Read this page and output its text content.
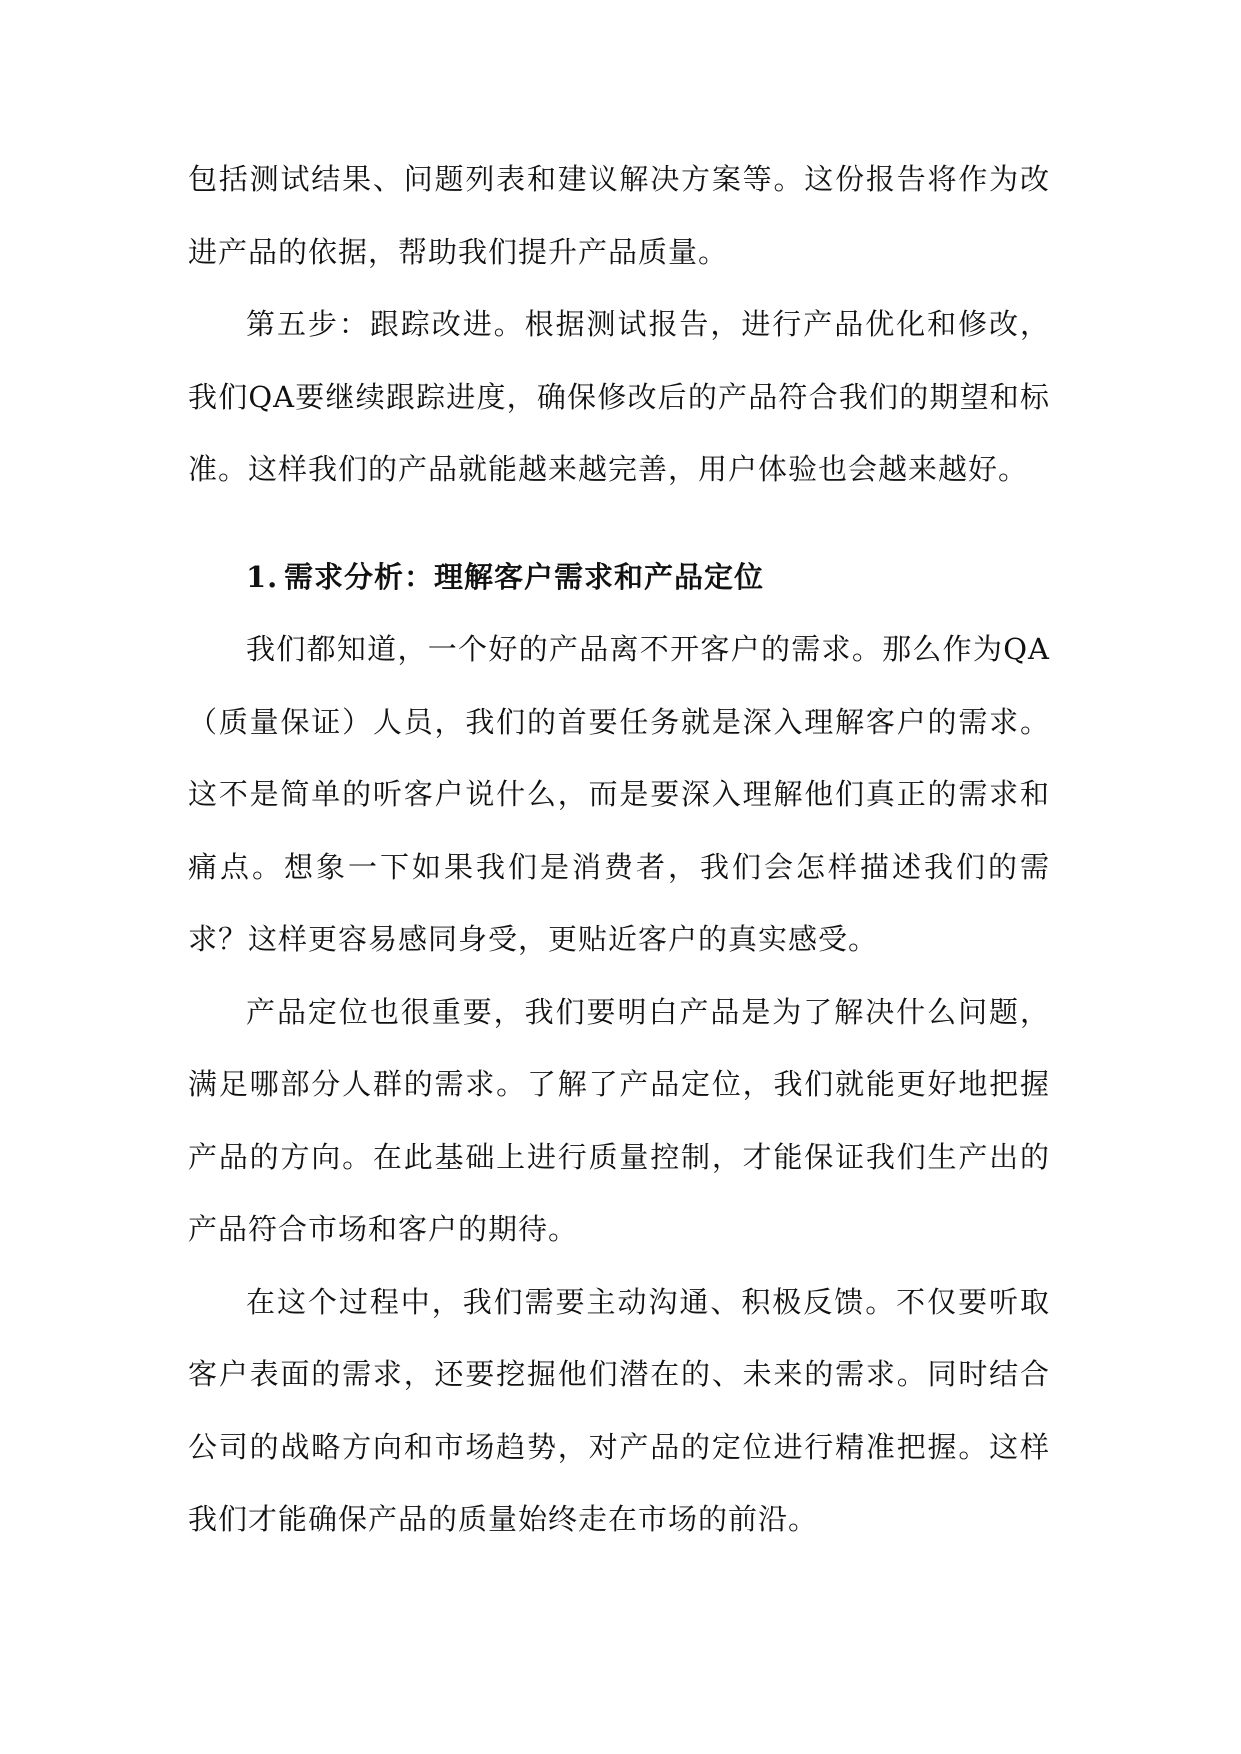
包括测试结果、问题列表和建议解决方案等。这份报告将作为改进产品的依据，帮助我们提升产品质量。

第五步：跟踪改进。根据测试报告，进行产品优化和修改，我们QA要继续跟踪进度，确保修改后的产品符合我们的期望和标准。这样我们的产品就能越来越完善，用户体验也会越来越好。

1. 需求分析：理解客户需求和产品定位

我们都知道，一个好的产品离不开客户的需求。那么作为QA（质量保证）人员，我们的首要任务就是深入理解客户的需求。这不是简单的听客户说什么，而是要深入理解他们真正的需求和痛点。想象一下如果我们是消费者，我们会怎样描述我们的需求？这样更容易感同身受，更贴近客户的真实感受。

产品定位也很重要，我们要明白产品是为了解决什么问题，满足哪部分人群的需求。了解了产品定位，我们就能更好地把握产品的方向。在此基础上进行质量控制，才能保证我们生产出的产品符合市场和客户的期待。

在这个过程中，我们需要主动沟通、积极反馈。不仅要听取客户表面的需求，还要挖掘他们潜在的、未来的需求。同时结合公司的战略方向和市场趋势，对产品的定位进行精准把握。这样我们才能确保产品的质量始终走在市场的前沿。
